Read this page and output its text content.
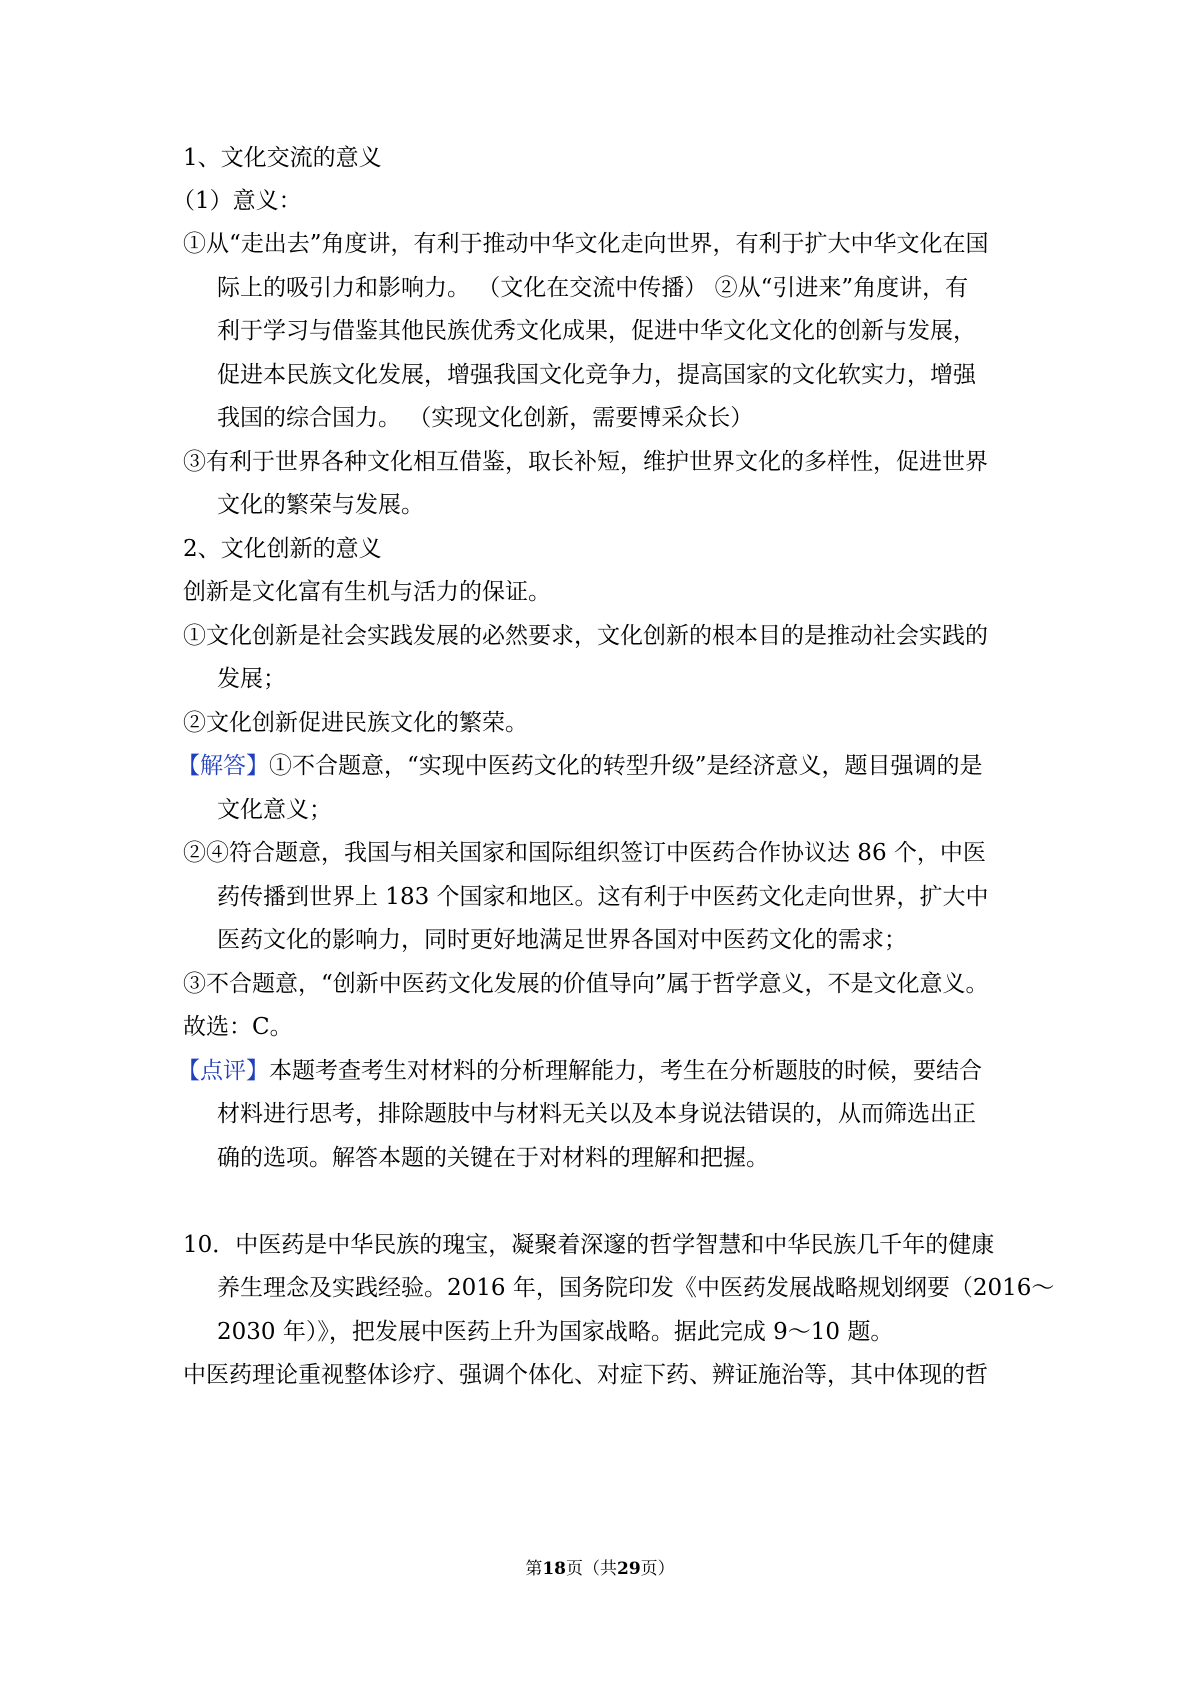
1、文化交流的意义
（1）意义：
①从“走出去”角度讲，有利于推动中华文化走向世界，有利于扩大中华文化在国
际上的吸引力和影响力。 （文化在交流中传播） ②从“引进来”角度讲，有
利于学习与借鉴其他民族优秀文化成果，促进中华文化文化的创新与发展，
促进本民族文化发展，增强我国文化竞争力，提高国家的文化软实力，增强
我国的综合国力。 （实现文化创新，需要博采众长）
③有利于世界各种文化相互借鉴，取长补短，维护世界文化的多样性，促进世界
文化的繁荣与发展。
2、文化创新的意义
创新是文化富有生机与活力的保证。
①文化创新是社会实践发展的必然要求，文化创新的根本目的是推动社会实践的
发展；
②文化创新促进民族文化的繁荣。
【解答】①不合题意，“实现中医药文化的转型升级”是经济意义，题目强调的是
文化意义；
②④符合题意，我国与相关国家和国际组织签订中医药合作协议达 86 个，中医
药传播到世界上 183 个国家和地区。这有利于中医药文化走向世界，扩大中
医药文化的影响力，同时更好地满足世界各国对中医药文化的需求；
③不合题意，“创新中医药文化发展的价值导向”属于哲学意义，不是文化意义。
故选：C。
【点评】本题考查考生对材料的分析理解能力，考生在分析题肢的时候，要结合
材料进行思考，排除题肢中与材料无关以及本身说法错误的，从而筛选出正
确的选项。解答本题的关键在于对材料的理解和把握。
10．中医药是中华民族的瑰宝，凝聚着深邃的哲学智慧和中华民族几千年的健康
养生理念及实践经验。2016 年，国务院印发《中医药发展战略规划纲要（2016～
2030 年）》，把发展中医药上升为国家战略。据此完成 9～10 题。
中医药理论重视整体诊疗、强调个体化、对症下药、辨证施治等，其中体现的哲
第18页（共29页）
